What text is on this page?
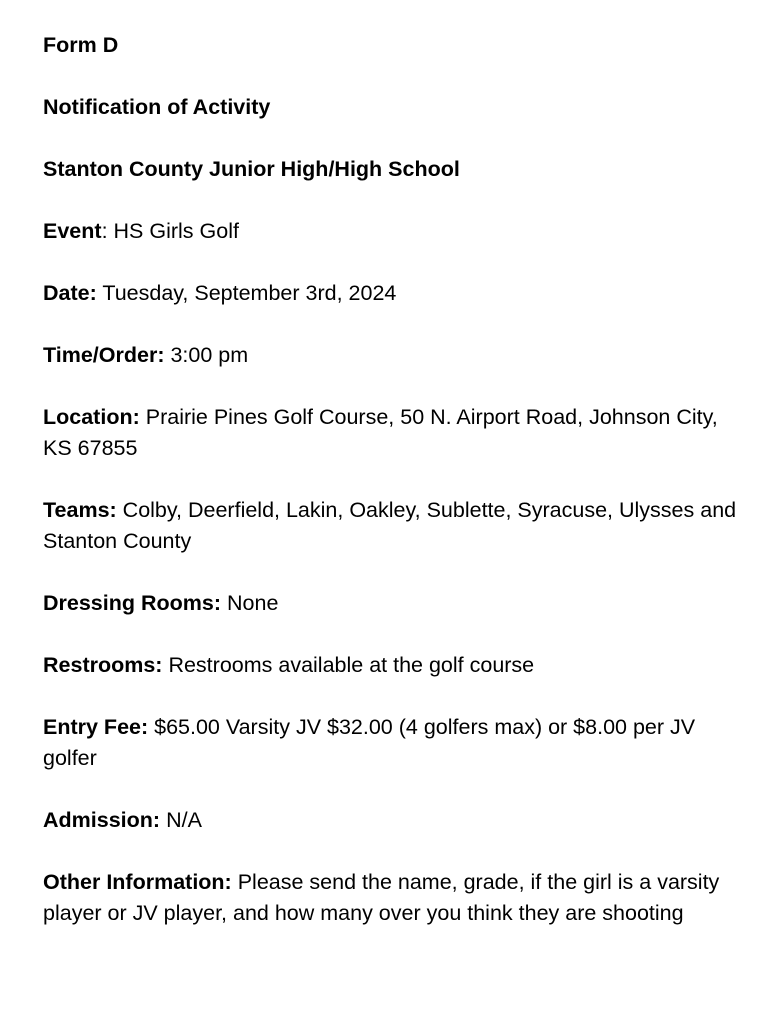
Form D

Notification of Activity

Stanton County Junior High/High School

Event: HS Girls Golf

Date: Tuesday, September 3rd, 2024

Time/Order: 3:00 pm

Location: Prairie Pines Golf Course, 50 N. Airport Road, Johnson City, KS 67855

Teams: Colby, Deerfield, Lakin, Oakley, Sublette, Syracuse, Ulysses and Stanton County

Dressing Rooms: None

Restrooms: Restrooms available at the golf course

Entry Fee: $65.00 Varsity JV $32.00 (4 golfers max) or $8.00 per JV golfer

Admission: N/A

Other Information: Please send the name, grade, if the girl is a varsity player or JV player, and how many over you think they are shooting
